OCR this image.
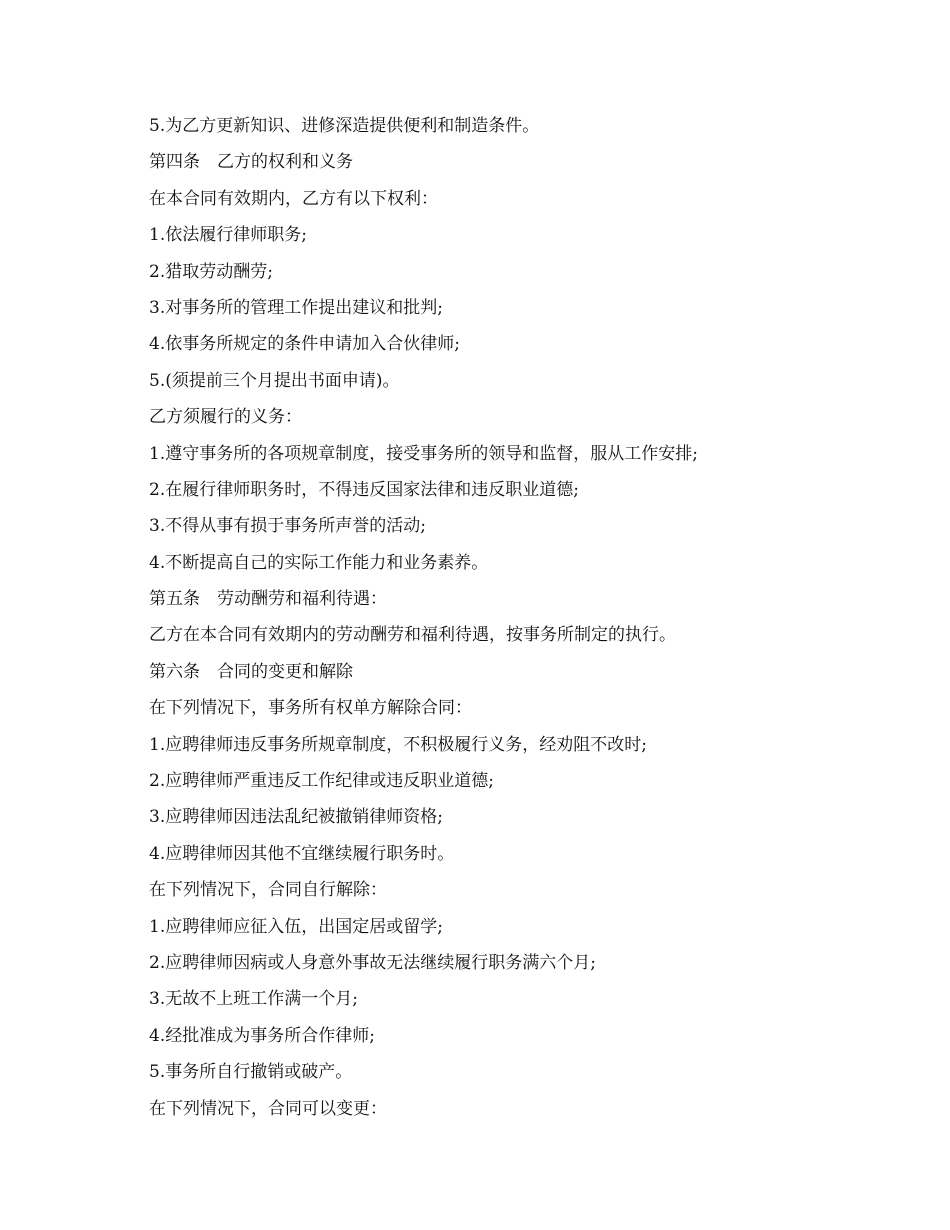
5.为乙方更新知识、进修深造提供便利和制造条件。
第四条　乙方的权利和义务
在本合同有效期内，乙方有以下权利：
1.依法履行律师职务;
2.猎取劳动酬劳;
3.对事务所的管理工作提出建议和批判;
4.依事务所规定的条件申请加入合伙律师;
5.(须提前三个月提出书面申请)。
乙方须履行的义务：
1.遵守事务所的各项规章制度，接受事务所的领导和监督，服从工作安排;
2.在履行律师职务时，不得违反国家法律和违反职业道德;
3.不得从事有损于事务所声誉的活动;
4.不断提高自己的实际工作能力和业务素养。
第五条　劳动酬劳和福利待遇：
乙方在本合同有效期内的劳动酬劳和福利待遇，按事务所制定的执行。
第六条　合同的变更和解除
在下列情况下，事务所有权单方解除合同：
1.应聘律师违反事务所规章制度，不积极履行义务，经劝阻不改时;
2.应聘律师严重违反工作纪律或违反职业道德;
3.应聘律师因违法乱纪被撤销律师资格;
4.应聘律师因其他不宜继续履行职务时。
在下列情况下，合同自行解除：
1.应聘律师应征入伍，出国定居或留学;
2.应聘律师因病或人身意外事故无法继续履行职务满六个月;
3.无故不上班工作满一个月;
4.经批准成为事务所合作律师;
5.事务所自行撤销或破产。
在下列情况下，合同可以变更：
